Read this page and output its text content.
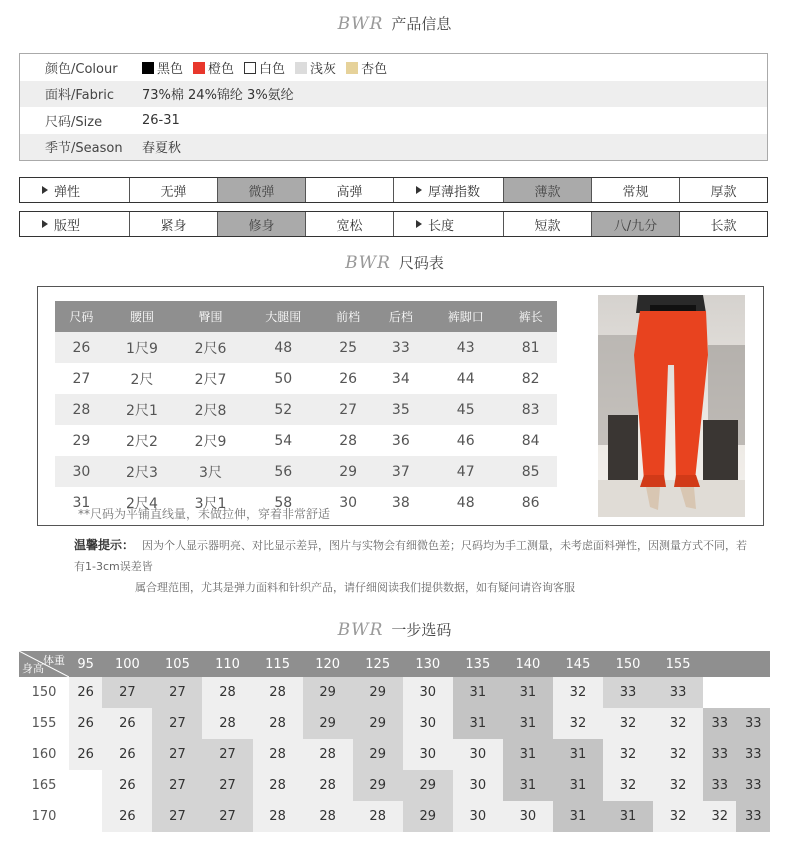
BWR 产品信息
颜色/Colour	黑色 橙色 白色 浅灰 杏色
面料/Fabric	73%棉 24%锦纶 3%氨纶
尺码/Size	26-31
季节/Season	春夏秋
弹性	无弹	微弹	高弹	厚薄指数	薄款	常规	厚款
版型	紧身	修身	宽松	长度	短款	八/九分	长款
BWR 尺码表
尺码	腰围	臀围	大腿围	前档	后档	裤脚口	裤长
26	1尺9	2尺6	48	25	33	43	81
27	2尺	2尺7	50	26	34	44	82
28	2尺1	2尺8	52	27	35	45	83
29	2尺2	2尺9	54	28	36	46	84
30	2尺3	3尺	56	29	37	47	85
31	2尺4	3尺1	58	30	38	48	86
**尺码为平铺直线量，未做拉伸，穿着非常舒适
温馨提示： 因为个人显示器明亮、对比显示差异，图片与实物会有细微色差；尺码均为手工测量，未考虑面料弹性，因测量方式不同，若有1-3cm误差皆
属合理范围，尤其是弹力面料和针织产品，请仔细阅读我们提供数据，如有疑问请咨询客服
BWR 一步选码
体重
身高	95	100	105	110	115	120	125	130	135	140	145	150	155		
150	26	27	27	28	28	29	29	30	31	31	32	33	33		
155	26	26	27	28	28	29	29	30	31	31	32	32	32	33	33
160	26	26	27	27	28	28	29	30	30	31	31	32	32	33	33
165		26	27	27	28	28	29	29	30	31	31	32	32	33	33
170		26	27	27	28	28	28	29	30	30	31	31	32	32	33
